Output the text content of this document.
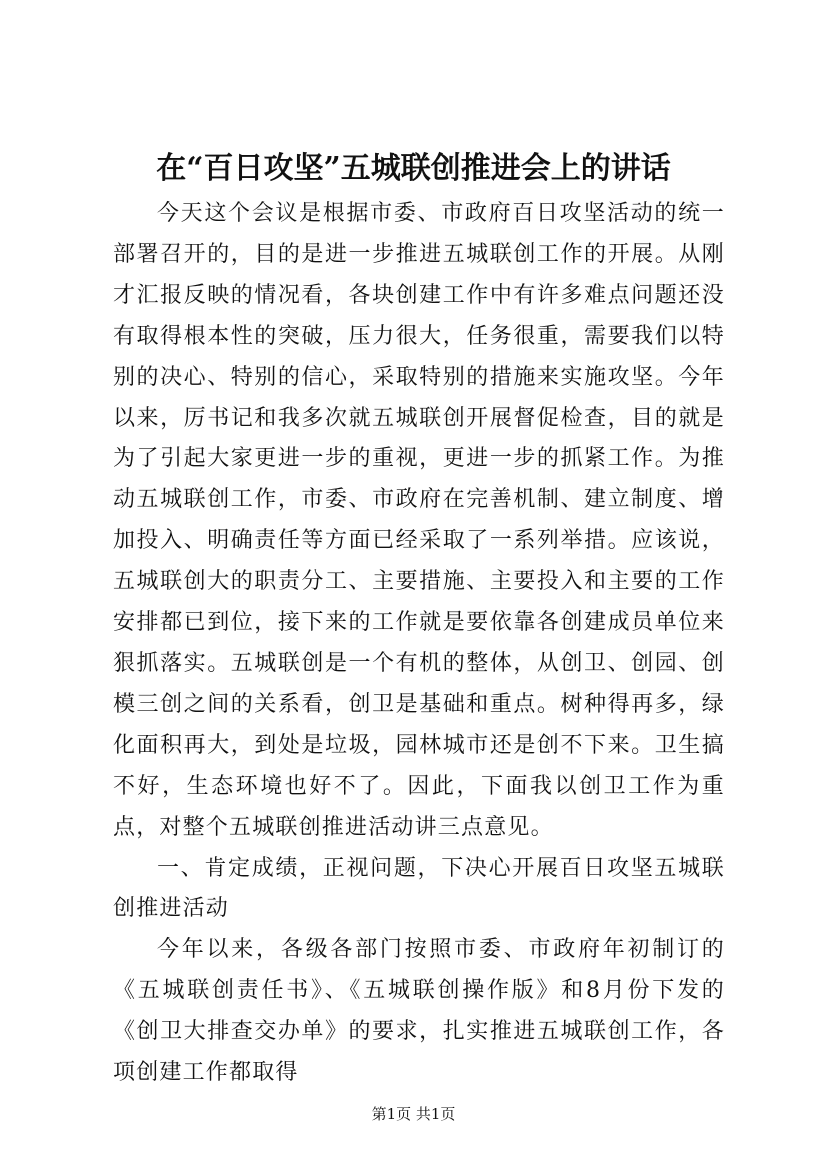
在“百日攻坚”五城联创推进会上的讲话

今天这个会议是根据市委、市政府百日攻坚活动的统一部署召开的，目的是进一步推进五城联创工作的开展。从刚才汇报反映的情况看，各块创建工作中有许多难点问题还没有取得根本性的突破，压力很大，任务很重，需要我们以特别的决心、特别的信心，采取特别的措施来实施攻坚。今年以来，厉书记和我多次就五城联创开展督促检查，目的就是为了引起大家更进一步的重视，更进一步的抓紧工作。为推动五城联创工作，市委、市政府在完善机制、建立制度、增加投入、明确责任等方面已经采取了一系列举措。应该说，五城联创大的职责分工、主要措施、主要投入和主要的工作安排都已到位，接下来的工作就是要依靠各创建成员单位来狠抓落实。五城联创是一个有机的整体，从创卫、创园、创模三创之间的关系看，创卫是基础和重点。树种得再多，绿化面积再大，到处是垃圾，园林城市还是创不下来。卫生搞不好，生态环境也好不了。因此，下面我以创卫工作为重点，对整个五城联创推进活动讲三点意见。

一、肯定成绩，正视问题，下决心开展百日攻坚五城联创推进活动

今年以来，各级各部门按照市委、市政府年初制订的《五城联创责任书》、《五城联创操作版》和8月份下发的《创卫大排查交办单》的要求，扎实推进五城联创工作，各项创建工作都取得

第1页 共1页
